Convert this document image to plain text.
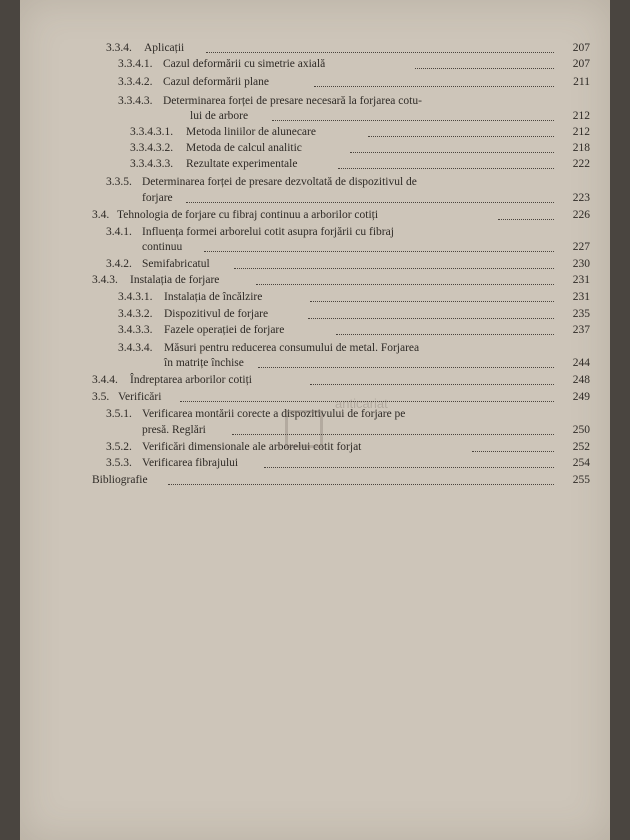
3.3.4. Aplicații	207
3.3.4.1. Cazul deformării cu simetrie axială	207
3.3.4.2. Cazul deformării plane	211
3.3.4.3. Determinarea forței de presare necesară la forjarea cotu-
lui de arbore	212
3.3.4.3.1. Metoda liniilor de alunecare	212
3.3.4.3.2. Metoda de calcul analitic	218
3.3.4.3.3. Rezultate experimentale	222
3.3.5. Determinarea forței de presare dezvoltată de dispozitivul de
forjare	223
3.4. Tehnologia de forjare cu fibraj continuu a arborilor cotiți	226
3.4.1. Influența formei arborelui cotit asupra forjării cu fibraj
continuu	227
3.4.2. Semifabricatul	230
3.4.3. Instalația de forjare	231
3.4.3.1. Instalația de încălzire	231
3.4.3.2. Dispozitivul de forjare	235
3.4.3.3. Fazele operației de forjare	237
3.4.3.4. Măsuri pentru reducerea consumului de metal. Forjarea
în matrițe închise	244
3.4.4. Îndreptarea arborilor cotiți	248
3.5. Verificări	249
3.5.1. Verificarea montării corecte a dispozitivului de forjare pe
presă. Reglări	250
3.5.2. Verificări dimensionale ale arborelui cotit forjat	252
3.5.3. Verificarea fibrajului	254
Bibliografie	255
anticariat
